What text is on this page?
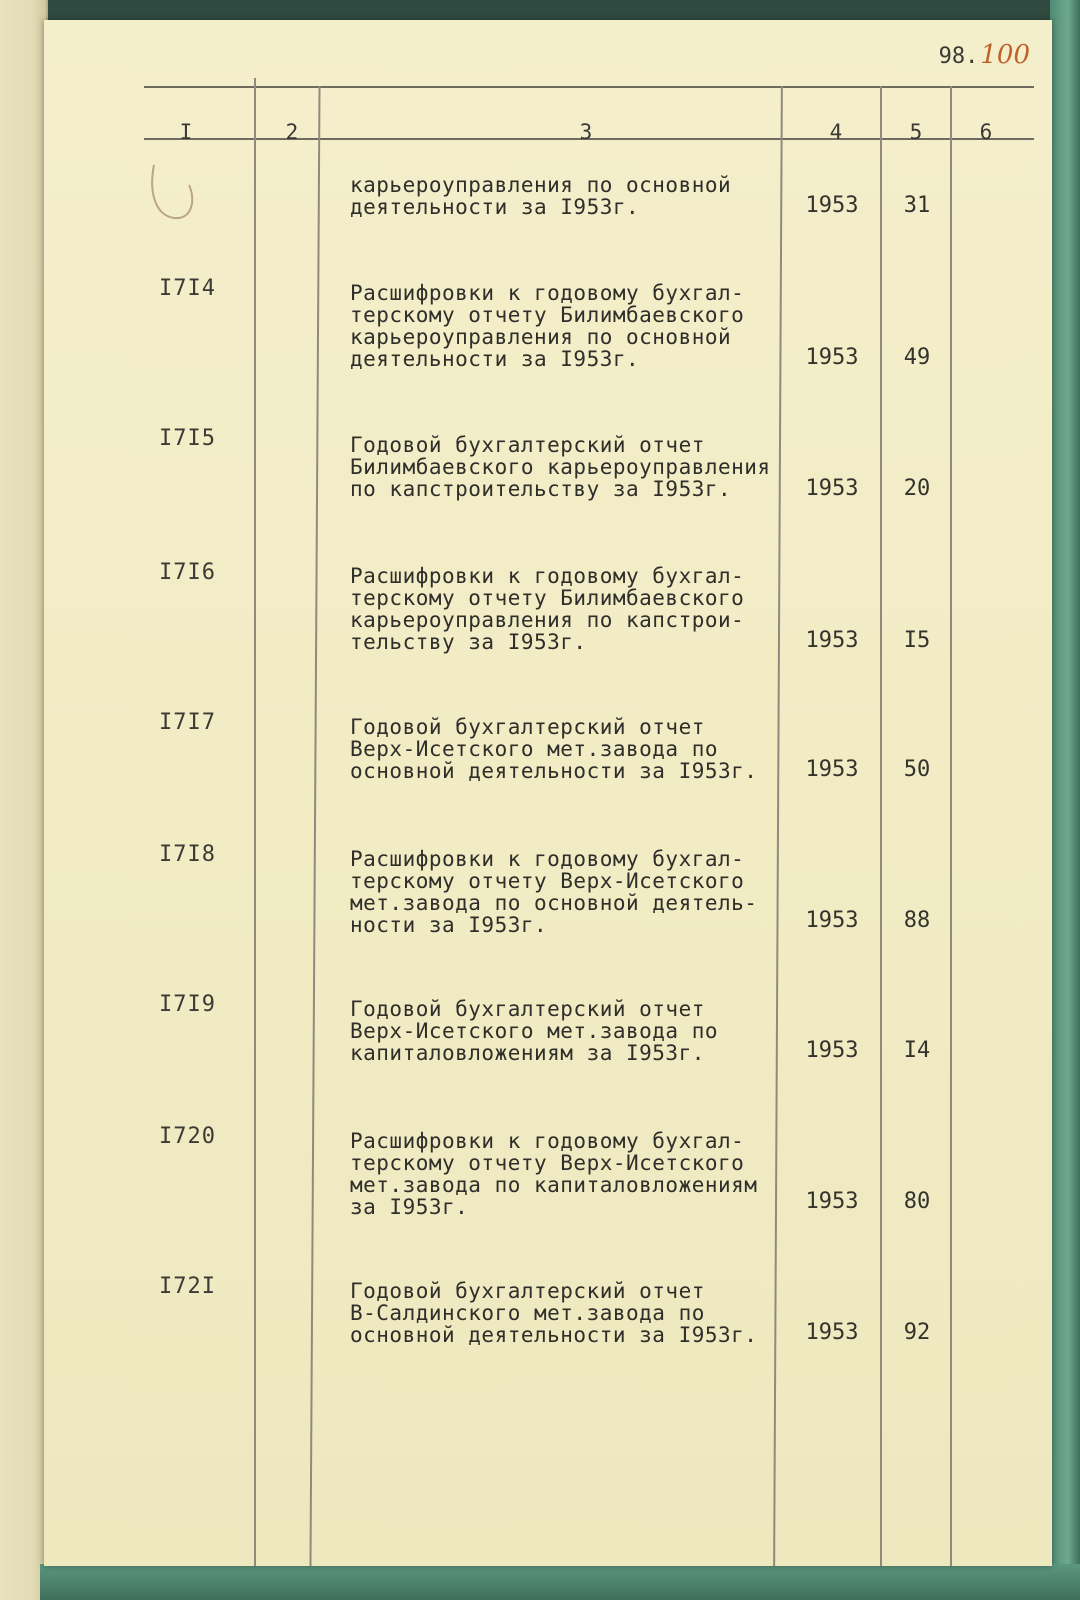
98.100
I	2	3	4	5	6
карьероуправления по основной
деятельности за I953г.	1953	31
I7I4	Расшифровки к годовому бухгал-
терскому отчету Билимбаевского
карьероуправления по основной
деятельности за I953г.	1953	49
I7I5	Годовой бухгалтерский отчет
Билимбаевского карьероуправления
по капстроительству за I953г.	1953	20
I7I6	Расшифровки к годовому бухгал-
терскому отчету Билимбаевского
карьероуправления по капстрои-
тельству за I953г.	1953	I5
I7I7	Годовой бухгалтерский отчет
Верх-Исетского мет.завода по
основной деятельности за I953г.	1953	50
I7I8	Расшифровки к годовому бухгал-
терскому отчету Верх-Исетского
мет.завода по основной деятель-
ности за I953г.	1953	88
I7I9	Годовой бухгалтерский отчет
Верх-Исетского мет.завода по
капиталовложениям за I953г.	1953	I4
I720	Расшифровки к годовому бухгал-
терскому отчету Верх-Исетского
мет.завода по капиталовложениям
за I953г.	1953	80
I72I	Годовой бухгалтерский отчет
В-Салдинского мет.завода по
основной деятельности за I953г.	1953	92
